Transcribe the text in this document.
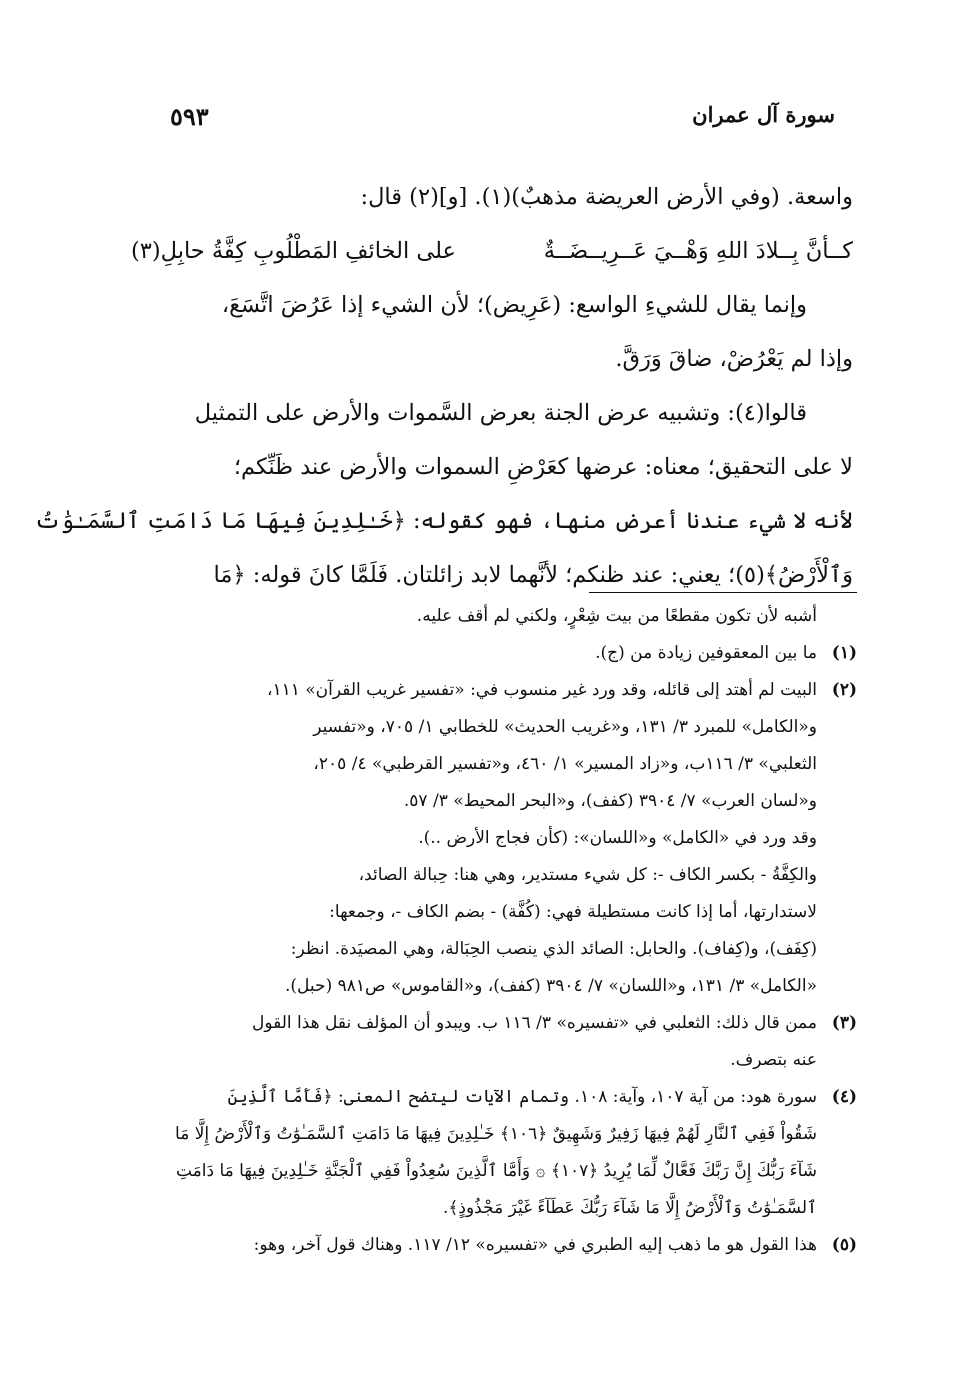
سورة آل عمران
٥٩٣
واسعة. (وفي الأرض العريضة مذهبٌ)(١). [و](٢) قال:
كــأنَّ بِــلادَ اللهِ وَهْــيَ عَــرِيــضَــةٌ
على الخائفِ المَطْلُوبِ كِفَّةُ حابِلِ(٣)
وإنما يقال للشيءِ الواسع: (عَرِيض)؛ لأن الشيء إذا عَرُضَ اتَّسَعَ،
وإذا لم يَعْرُضْ، ضاقَ وَرَقَّ.
قالوا(٤): وتشبيه عرض الجنة بعرض السَّموات والأرض على التمثيل
لا على التحقيق؛ معناه: عرضها كعَرْضِ السموات والأرض عند ظَنِّكم؛
لأنه لا شيء عندنا أعرض منها، فهو كقوله: ﴿خَـٰلِدِينَ فِيهَا مَا دَامَتِ ٱلسَّمَـٰوَٰتُ
وَٱلْأَرْضُ﴾(٥)؛ يعني: عند ظنكم؛ لأنَّهما لابد زائلتان. فَلَمَّا كانَ قوله: ﴿مَا
أشبه لأن تكون مقطعًا من بيت شِعْرٍ، ولكني لم أقف عليه.
(١)ما بين المعقوفين زيادة من (ج).
(٢)البيت لم أهتد إلى قائله، وقد ورد غير منسوب في: «تفسير غريب القرآن» ١١١،
و«الكامل» للمبرد ٣/ ١٣١، و«غريب الحديث» للخطابي ١/ ٧٠٥، و«تفسير
الثعلبي» ٣/ ١١٦ب، و«زاد المسير» ١/ ٤٦٠، و«تفسير القرطبي» ٤/ ٢٠٥،
و«لسان العرب» ٧/ ٣٩٠٤ (كفف)، و«البحر المحيط» ٣/ ٥٧.
وقد ورد في «الكامل» و«اللسان»: (كأن فجاج الأرض ..).
والكِفَّةُ - بكسر الكاف -: كل شيء مستدير، وهي هنا: حِبالة الصائد،
لاستدارتها، أما إذا كانت مستطيلة فهي: (كُفَّة) - بضم الكاف -، وجمعها:
(كِفَف)، و(كِفاف). والحابل: الصائد الذي ينصب الحِبَالة، وهي المصيَدة. انظر:
«الكامل» ٣/ ١٣١، و«اللسان» ٧/ ٣٩٠٤ (كفف)، و«القاموس» ص٩٨١ (حبل).
(٣)ممن قال ذلك: الثعلبي في «تفسيره» ٣/ ١١٦ ب. ويبدو أن المؤلف نقل هذا القول
عنه بتصرف.
(٤)سورة هود: من آية ١٠٧، وآية: ١٠٨. وتمام الآيات ليتضح المعنى: ﴿فَأَمَّا ٱلَّذِينَ
شَقُواْ فَفِي ٱلنَّارِ لَهُمْ فِيهَا زَفِيرٌ وَشَهِيقٌ ﴿١٠٦﴾ خَـٰلِدِينَ فِيهَا مَا دَامَتِ ٱلسَّمَـٰوَٰتُ وَٱلْأَرْضُ إِلَّا مَا
شَآءَ رَبُّكَ إِنَّ رَبَّكَ فَعَّالٌ لِّمَا يُرِيدُ ﴿١٠٧﴾ ۞ وَأَمَّا ٱلَّذِينَ سُعِدُواْ فَفِي ٱلْجَنَّةِ خَـٰلِدِينَ فِيهَا مَا دَامَتِ
ٱلسَّمَـٰوَٰتُ وَٱلْأَرْضُ إِلَّا مَا شَآءَ رَبُّكَ عَطَآءً غَيْرَ مَجْذُوذٍ﴾.
(٥)هذا القول هو ما ذهب إليه الطبري في «تفسيره» ١٢/ ١١٧. وهناك قول آخر، وهو:
